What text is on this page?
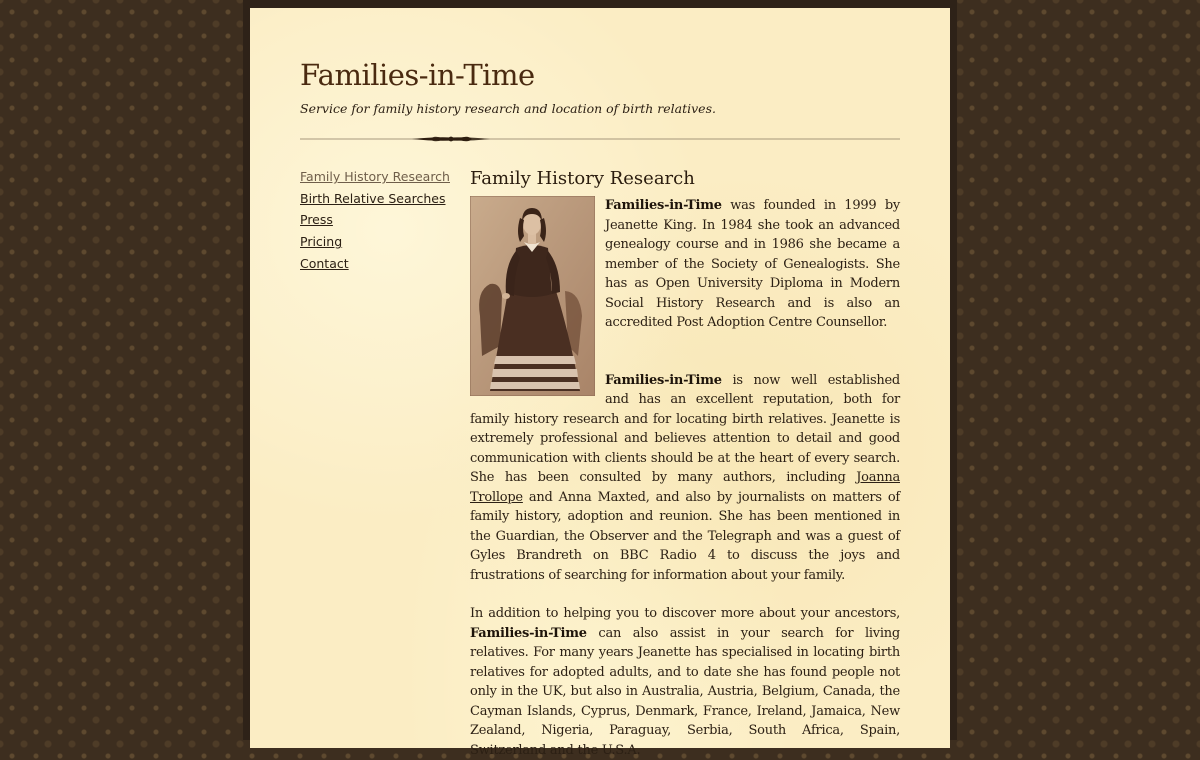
Families-in-Time

Service for family history research and location of birth relatives.

Family History Research
Birth Relative Searches
Press
Pricing
Contact
Family History Research

Families-in-Time was founded in 1999 by Jeanette King. In 1984 she took an advanced genealogy course and in 1986 she became a member of the Society of Genealogists. She has as Open University Diploma in Modern Social History Research and is also an accredited Post Adoption Centre Counsellor.

Families-in-Time is now well established and has an excellent reputation, both for family history research and for locating birth relatives. Jeanette is extremely professional and believes attention to detail and good communication with clients should be at the heart of every search. She has been consulted by many authors, including Joanna Trollope and Anna Maxted, and also by journalists on matters of family history, adoption and reunion. She has been mentioned in the Guardian, the Observer and the Telegraph and was a guest of Gyles Brandreth on BBC Radio 4 to discuss the joys and frustrations of searching for information about your family.

In addition to helping you to discover more about your ancestors, Families-in-Time can also assist in your search for living relatives. For many years Jeanette has specialised in locating birth relatives for adopted adults, and to date she has found people not only in the UK, but also in Australia, Austria, Belgium, Canada, the Cayman Islands, Cyprus, Denmark, France, Ireland, Jamaica, New Zealand, Nigeria, Paraguay, Serbia, South Africa, Spain, Switzerland and the U.S.A.
